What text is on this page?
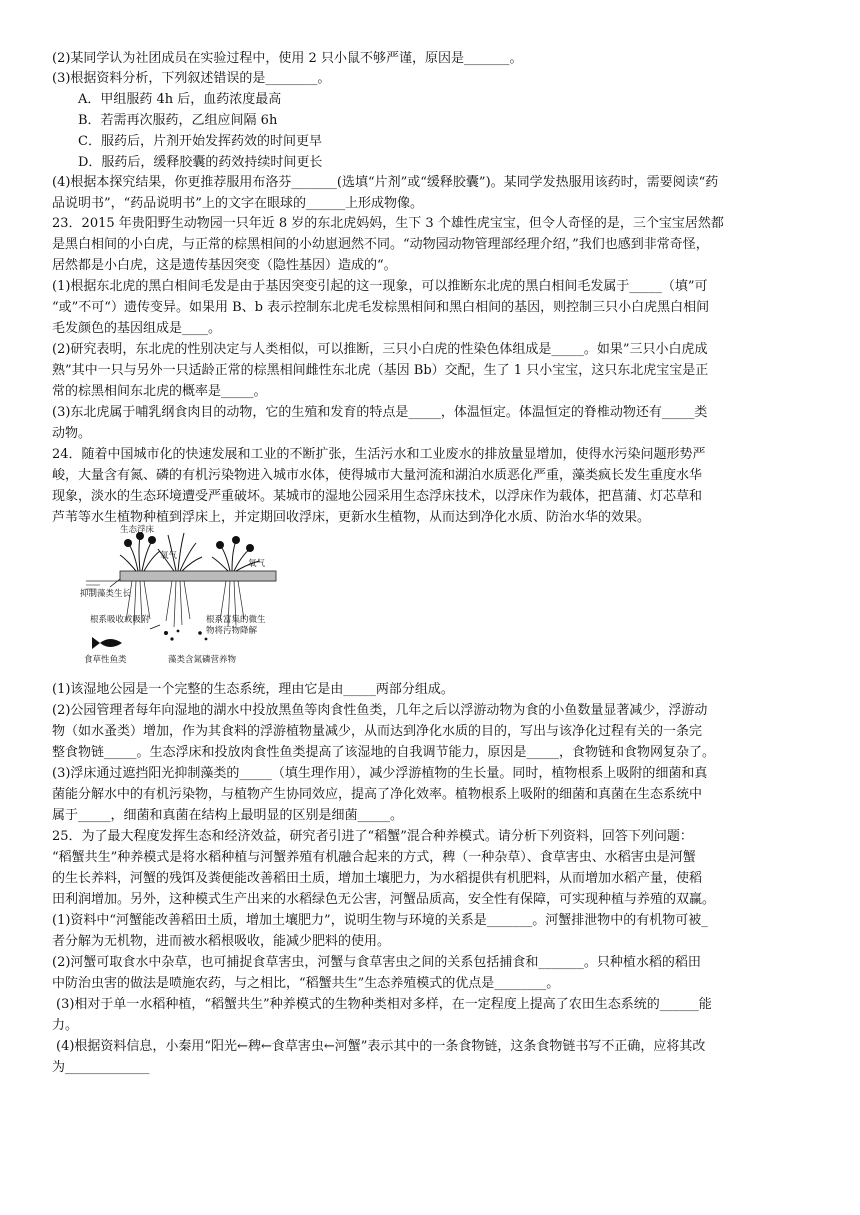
(2)某同学认为社团成员在实验过程中，使用 2 只小鼠不够严谨，原因是_______。
(3)根据资料分析，下列叙述错误的是________。
A．甲组服药 4h 后，血药浓度最高
B．若需再次服药，乙组应间隔 6h
C．服药后，片剂开始发挥药效的时间更早
D．服药后，缓释胶囊的药效持续时间更长
(4)根据本探究结果，你更推荐服用布洛芬_______(选填“片剂”或“缓释胶囊”)。某同学发热服用该药时，需要阅读“药
品说明书”，“药品说明书”上的文字在眼球的______上形成物像。
23．2015 年贵阳野生动物园一只年近 8 岁的东北虎妈妈，生下 3 个雄性虎宝宝，但令人奇怪的是，三个宝宝居然都
是黑白相间的小白虎，与正常的棕黑相间的小幼崽迥然不同。“动物园动物管理部经理介绍，”我们也感到非常奇怪，
居然都是小白虎，这是遗传基因突变（隐性基因）造成的“。
(1)根据东北虎的黑白相间毛发是由于基因突变引起的这一现象，可以推断东北虎的黑白相间毛发属于_____（填”可
“或”不可“）遗传变异。如果用 B、b 表示控制东北虎毛发棕黑相间和黑白相间的基因，则控制三只小白虎黑白相间
毛发颜色的基因组成是____。
(2)研究表明，东北虎的性别决定与人类相似，可以推断，三只小白虎的性染色体组成是_____。如果”三只小白虎成
熟”其中一只与另外一只适龄正常的棕黑相间雌性东北虎（基因 Bb）交配，生了 1 只小宝宝，这只东北虎宝宝是正
常的棕黑相间东北虎的概率是_____。
(3)东北虎属于哺乳纲食肉目的动物，它的生殖和发育的特点是_____，体温恒定。体温恒定的脊椎动物还有_____类
动物。
24．随着中国城市化的快速发展和工业的不断扩张，生活污水和工业废水的排放量显增加，使得水污染问题形势严
峻，大量含有氮、磷的有机污染物进入城市水体，使得城市大量河流和湖泊水质恶化严重，藻类疯长发生重度水华
现象，淡水的生态环境遭受严重破坏。某城市的湿地公园采用生态浮床技术，以浮床作为载体，把菖蒲、灯芯草和
芦苇等水生植物种植到浮床上，并定期回收浮床，更新水生植物，从而达到净化水质、防治水华的效果。
生态浮床
氧气
氧气
抑制藻类生长
根系吸收或吸附	根系富集的微生
物将污物降解
食草性鱼类	藻类含氮磷营养物
(1)该湿地公园是一个完整的生态系统，理由它是由_____两部分组成。
(2)公园管理者每年向湿地的湖水中投放黑鱼等肉食性鱼类，几年之后以浮游动物为食的小鱼数量显著减少，浮游动
物（如水蚤类）增加，作为其食料的浮游植物量减少，从而达到净化水质的目的，写出与该净化过程有关的一条完
整食物链_____。生态浮床和投放肉食性鱼类提高了该湿地的自我调节能力，原因是_____，食物链和食物网复杂了。
(3)浮床通过遮挡阳光抑制藻类的_____（填生理作用），减少浮游植物的生长量。同时，植物根系上吸附的细菌和真
菌能分解水中的有机污染物，与植物产生协同效应，提高了净化效率。植物根系上吸附的细菌和真菌在生态系统中
属于_____，细菌和真菌在结构上最明显的区别是细菌_____。
25．为了最大程度发挥生态和经济效益，研究者引进了“稻蟹”混合种养模式。请分析下列资料，回答下列问题：
“稻蟹共生”种养模式是将水稻种植与河蟹养殖有机融合起来的方式，稗（一种杂草）、食草害虫、水稻害虫是河蟹
的生长养料，河蟹的残饵及粪便能改善稻田土质，增加土壤肥力，为水稻提供有机肥料，从而增加水稻产量，使稻
田利润增加。另外，这种模式生产出来的水稻绿色无公害，河蟹品质高，安全性有保障，可实现种植与养殖的双赢。
(1)资料中“河蟹能改善稻田土质，增加土壤肥力”，说明生物与环境的关系是_______。河蟹排泄物中的有机物可被_
者分解为无机物，进而被水稻根吸收，能减少肥料的使用。
(2)河蟹可取食水中杂草，也可捕捉食草害虫，河蟹与食草害虫之间的关系包括捕食和_______。只种植水稻的稻田
中防治虫害的做法是喷施农药，与之相比，“稻蟹共生”生态养殖模式的优点是________。
(3)相对于单一水稻种植，“稻蟹共生”种养模式的生物种类相对多样，在一定程度上提高了农田生态系统的______能
力。
(4)根据资料信息，小秦用“阳光←稗←食草害虫←河蟹”表示其中的一条食物链，这条食物链书写不正确，应将其改
为_____________
